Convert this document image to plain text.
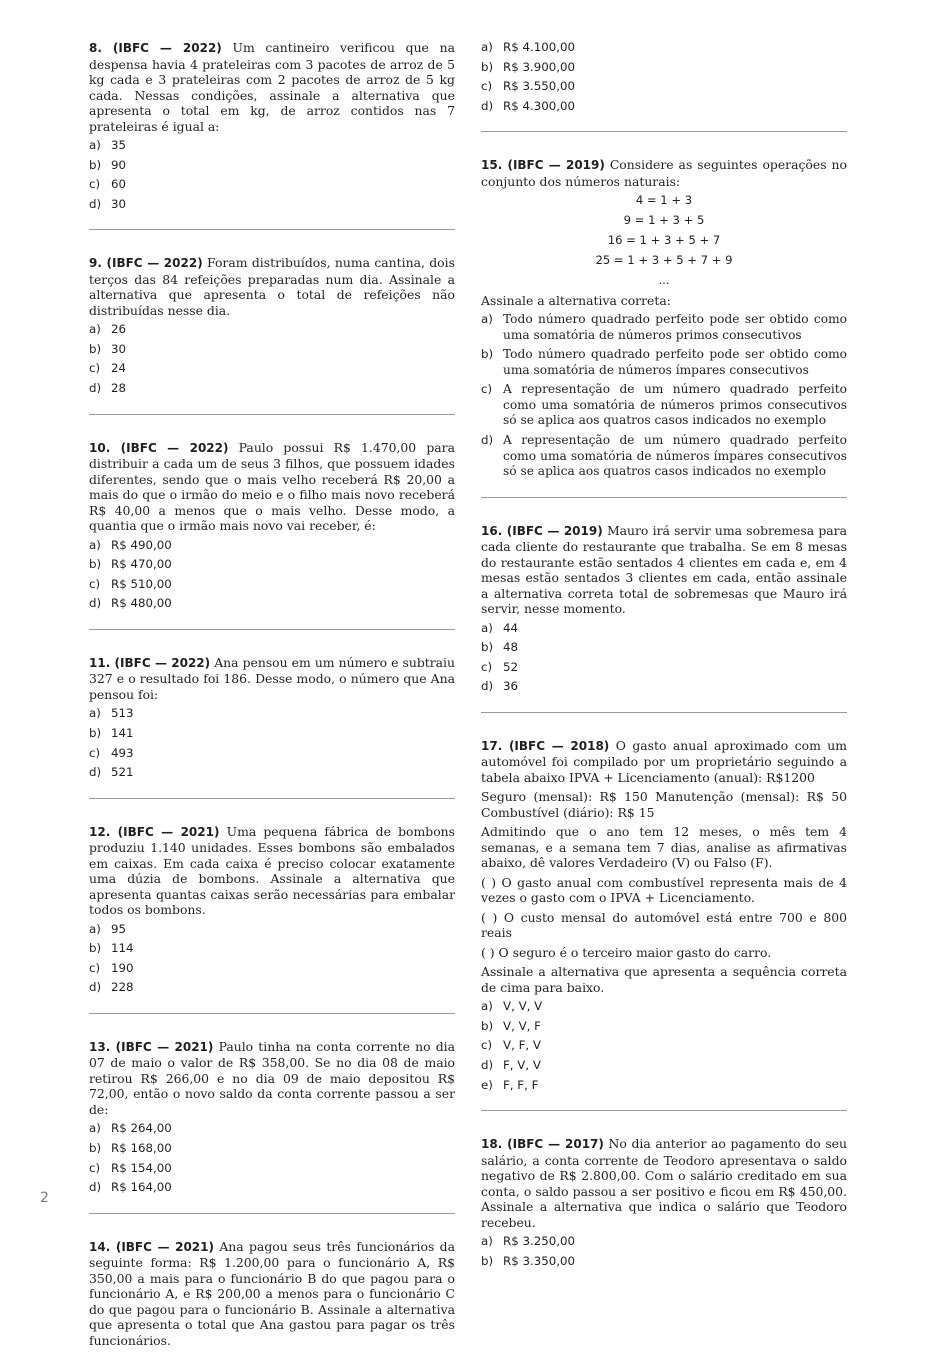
8. (IBFC — 2022) Um cantineiro verificou que na despensa havia 4 prateleiras com 3 pacotes de arroz de 5 kg cada e 3 prateleiras com 2 pacotes de arroz de 5 kg cada. Nessas condições, assinale a alternativa que apresenta o total em kg, de arroz contidos nas 7 prateleiras é igual a:

a) 35
b) 90
c) 60
d) 30

9. (IBFC — 2022) Foram distribuídos, numa cantina, dois terços das 84 refeições preparadas num dia. Assinale a alternativa que apresenta o total de refeições não distribuídas nesse dia.

a) 26
b) 30
c) 24
d) 28

10. (IBFC — 2022) Paulo possui R$ 1.470,00 para distribuir a cada um de seus 3 filhos, que possuem idades diferentes, sendo que o mais velho receberá R$ 20,00 a mais do que o irmão do meio e o filho mais novo receberá R$ 40,00 a menos que o mais velho. Desse modo, a quantia que o irmão mais novo vai receber, é:

a) R$ 490,00
b) R$ 470,00
c) R$ 510,00
d) R$ 480,00

11. (IBFC — 2022) Ana pensou em um número e subtraiu 327 e o resultado foi 186. Desse modo, o número que Ana pensou foi:

a) 513
b) 141
c) 493
d) 521

12. (IBFC — 2021) Uma pequena fábrica de bombons produziu 1.140 unidades. Esses bombons são embalados em caixas. Em cada caixa é preciso colocar exatamente uma dúzia de bombons. Assinale a alternativa que apresenta quantas caixas serão necessárias para embalar todos os bombons.

a) 95
b) 114
c) 190
d) 228

13. (IBFC — 2021) Paulo tinha na conta corrente no dia 07 de maio o valor de R$ 358,00. Se no dia 08 de maio retirou R$ 266,00 e no dia 09 de maio depositou R$ 72,00, então o novo saldo da conta corrente passou a ser de:

a) R$ 264,00
b) R$ 168,00
c) R$ 154,00
d) R$ 164,00

14. (IBFC — 2021) Ana pagou seus três funcionários da seguinte forma: R$ 1.200,00 para o funcionário A, R$ 350,00 a mais para o funcionário B do que pagou para o funcionário A, e R$ 200,00 a menos para o funcionário C do que pagou para o funcionário B. Assinale a alternativa que apresenta o total que Ana gastou para pagar os três funcionários.

a) R$ 4.100,00
b) R$ 3.900,00
c) R$ 3.550,00
d) R$ 4.300,00

15. (IBFC — 2019) Considere as seguintes operações no conjunto dos números naturais:

4 = 1 + 3
9 = 1 + 3 + 5
16 = 1 + 3 + 5 + 7
25 = 1 + 3 + 5 + 7 + 9
...

Assinale a alternativa correta:

a) Todo número quadrado perfeito pode ser obtido como uma somatória de números primos consecutivos
b) Todo número quadrado perfeito pode ser obtido como uma somatória de números ímpares consecutivos
c) A representação de um número quadrado perfeito como uma somatória de números primos consecutivos só se aplica aos quatros casos indicados no exemplo
d) A representação de um número quadrado perfeito como uma somatória de números ímpares consecutivos só se aplica aos quatros casos indicados no exemplo

16. (IBFC — 2019) Mauro irá servir uma sobremesa para cada cliente do restaurante que trabalha. Se em 8 mesas do restaurante estão sentados 4 clientes em cada e, em 4 mesas estão sentados 3 clientes em cada, então assinale a alternativa correta total de sobremesas que Mauro irá servir, nesse momento.

a) 44
b) 48
c) 52
d) 36

17. (IBFC — 2018) O gasto anual aproximado com um automóvel foi compilado por um proprietário seguindo a tabela abaixo IPVA + Licenciamento (anual): R$1200

Seguro (mensal): R$ 150 Manutenção (mensal): R$ 50 Combustível (diário): R$ 15

Admitindo que o ano tem 12 meses, o mês tem 4 semanas, e a semana tem 7 dias, analise as afirmativas abaixo, dê valores Verdadeiro (V) ou Falso (F).

( ) O gasto anual com combustível representa mais de 4 vezes o gasto com o IPVA + Licenciamento.

( ) O custo mensal do automóvel está entre 700 e 800 reais

( ) O seguro é o terceiro maior gasto do carro.

Assinale a alternativa que apresenta a sequência correta de cima para baixo.

a) V, V, V
b) V, V, F
c) V, F, V
d) F, V, V
e) F, F, F

18. (IBFC — 2017) No dia anterior ao pagamento do seu salário, a conta corrente de Teodoro apresentava o saldo negativo de R$ 2.800,00. Com o salário creditado em sua conta, o saldo passou a ser positivo e ficou em R$ 450,00. Assinale a alternativa que indica o salário que Teodoro recebeu.

a) R$ 3.250,00
b) R$ 3.350,00
2
